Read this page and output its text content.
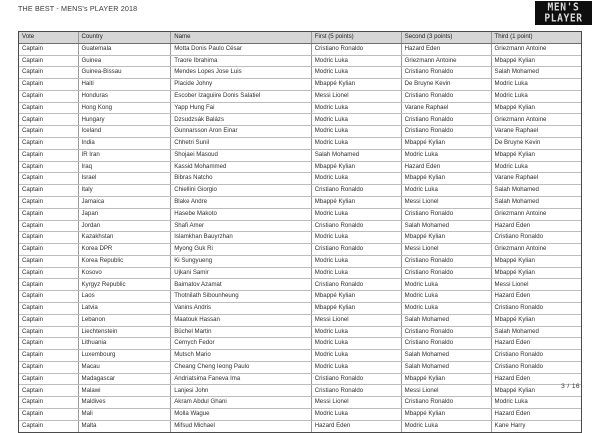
THE BEST - MENS's PLAYER 2018	MEN'S
PLAYER
Vote	Country	Name	First (5 points)	Second (3 points)	Third (1 point)
Captain	Guatemala	Motta Donis Paulo César	Cristiano Ronaldo	Hazard Eden	Griezmann Antoine
Captain	Guinea	Traore Ibrahima	Modric Luka	Griezmann Antoine	Mbappé Kylian
Captain	Guinea-Bissau	Mendes Lopes Jose Luis	Modric Luka	Cristiano Ronaldo	Salah Mohamed
Captain	Haiti	Placide Johny	Mbappé Kylian	De Bruyne Kevin	Modric Luka
Captain	Honduras	Escober Izaguiire Donis Salatiel	Messi Lionel	Cristiano Ronaldo	Modric Luka
Captain	Hong Kong	Yapp Hung Fai	Modric Luka	Varane Raphael	Mbappé Kylian
Captain	Hungary	Dzsudzsák Balázs	Modric Luka	Cristiano Ronaldo	Griezmann Antoine
Captain	Iceland	Gunnarsson Aron Einar	Modric Luka	Cristiano Ronaldo	Varane Raphael
Captain	India	Chhetri Sunil	Modric Luka	Mbappé Kylian	De Bruyne Kevin
Captain	IR Iran	Shojaei Masoud	Salah Mohamed	Modric Luka	Mbappé Kylian
Captain	Iraq	Kassid Mohammed	Mbappé Kylian	Hazard Eden	Modric Luka
Captain	Israel	Bibras Natcho	Modric Luka	Mbappé Kylian	Varane Raphael
Captain	Italy	Chiellini Giorgio	Cristiano Ronaldo	Modric Luka	Salah Mohamed
Captain	Jamaica	Blake Andre	Mbappé Kylian	Messi Lionel	Salah Mohamed
Captain	Japan	Hasebe Makoto	Modric Luka	Cristiano Ronaldo	Griezmann Antoine
Captain	Jordan	Shafi Amer	Cristiano Ronaldo	Salah Mohamed	Hazard Eden
Captain	Kazakhstan	Islamkhan Bauyrzhan	Modric Luka	Mbappé Kylian	Cristiano Ronaldo
Captain	Korea DPR	Myong Guk Ri	Cristiano Ronaldo	Messi Lionel	Griezmann Antoine
Captain	Korea Republic	Ki Sungyueng	Modric Luka	Cristiano Ronaldo	Mbappé Kylian
Captain	Kosovo	Ujkani Samir	Modric Luka	Cristiano Ronaldo	Mbappé Kylian
Captain	Kyrgyz Republic	Baimatov Azamat	Cristiano Ronaldo	Modric Luka	Messi Lionel
Captain	Laos	Thotnilath Sibounheung	Mbappé Kylian	Modric Luka	Hazard Eden
Captain	Latvia	Vanins Andris	Mbappé Kylian	Modric Luka	Cristiano Ronaldo
Captain	Lebanon	Maatouk Hassan	Messi Lionel	Salah Mohamed	Mbappé Kylian
Captain	Liechtenstein	Büchel Martin	Modric Luka	Cristiano Ronaldo	Salah Mohamed
Captain	Lithuania	Cernych Fedor	Modric Luka	Cristiano Ronaldo	Hazard Eden
Captain	Luxembourg	Mutsch Mario	Modric Luka	Salah Mohamed	Cristiano Ronaldo
Captain	Macau	Cheang Cheng Ieong Paulo	Modric Luka	Salah Mohamed	Cristiano Ronaldo
Captain	Madagascar	Andriatsima Faneva Ima	Cristiano Ronaldo	Mbappé Kylian	Hazard Eden
Captain	Malawi	Lanjesi John	Cristiano Ronaldo	Messi Lionel	Mbappé Kylian
Captain	Maldives	Akram Abdul Ghani	Messi Lionel	Cristiano Ronaldo	Modric Luka
Captain	Mali	Molla Wague	Modric Luka	Mbappé Kylian	Hazard Eden
Captain	Malta	Mifsud Michael	Hazard Eden	Modric Luka	Kane Harry
3 / 16
